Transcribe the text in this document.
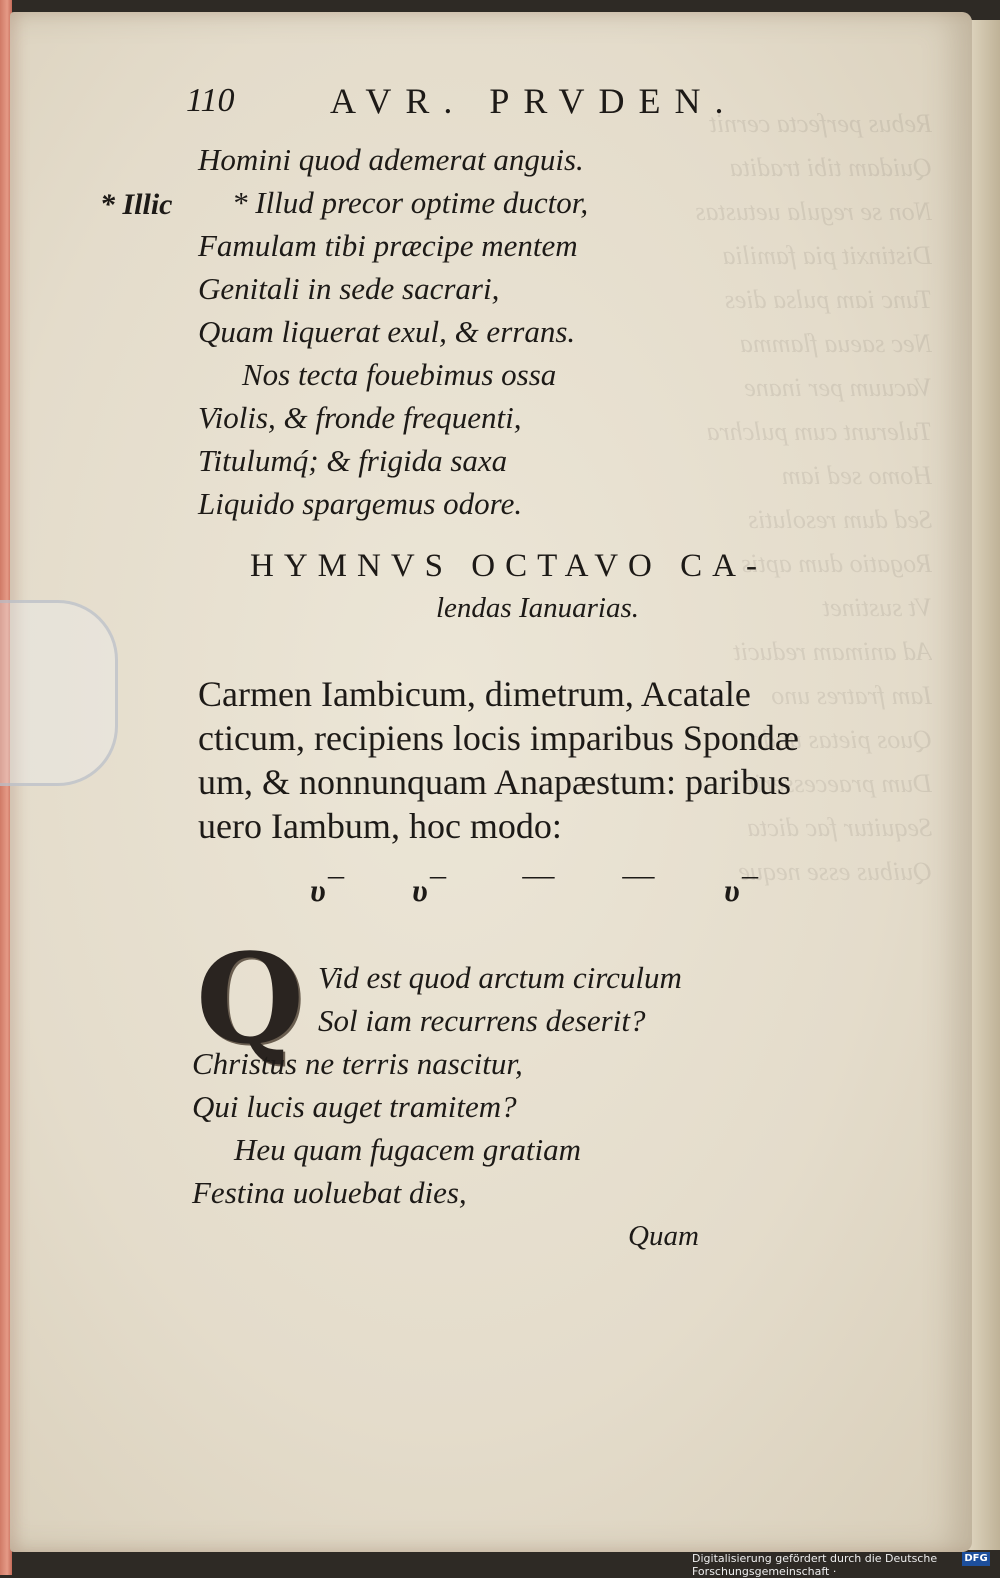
Rebus perfecta cernit
Quidam tibi tradita
Non se regula uetustas
Distinxit pia familia
Tunc iam pulsa dies
Nec saeua flamma
Vacuum per inane
Tulerunt cum pulchra
Homo sed iam
Sed dum resolutis
Rogatio dum aptis
Vt sustinet
Ad animam reducit
Iam fratres uno
Quos pietas unda
Dum praecesserit
Sequitur fac dicta
Quibus esse neque
110	AVR. PRVDEN.
* Illic
Homini quod ademerat anguis.
* Illud precor optime ductor,
Famulam tibi præcipe mentem
Genitali in sede sacrari,
Quam liquerat exul, & errans.
Nos tecta fouebimus ossa
Violis, & fronde frequenti,
Titulumq́; & frigida saxa
Liquido spargemus odore.
HYMNVS OCTAVO CA-
lendas Ianuarias.
Carmen Iambicum, dimetrum, Acatale
cticum, recipiens locis imparibus Spondæ
um, & nonnunquam Anapæstum: paribus
uero Iambum, hoc modo:
υ¯ υ¯ ¯¯ ¯¯ υ¯
Q Vid est quod arctum circulum
Sol iam recurrens deserit?
Christus ne terris nascitur,
Qui lucis auget tramitem?
Heu quam fugacem gratiam
Festina uoluebat dies,
Quam
Digitalisierung gefördert durch die Deutsche Forschungsgemeinschaft ·
DFG
